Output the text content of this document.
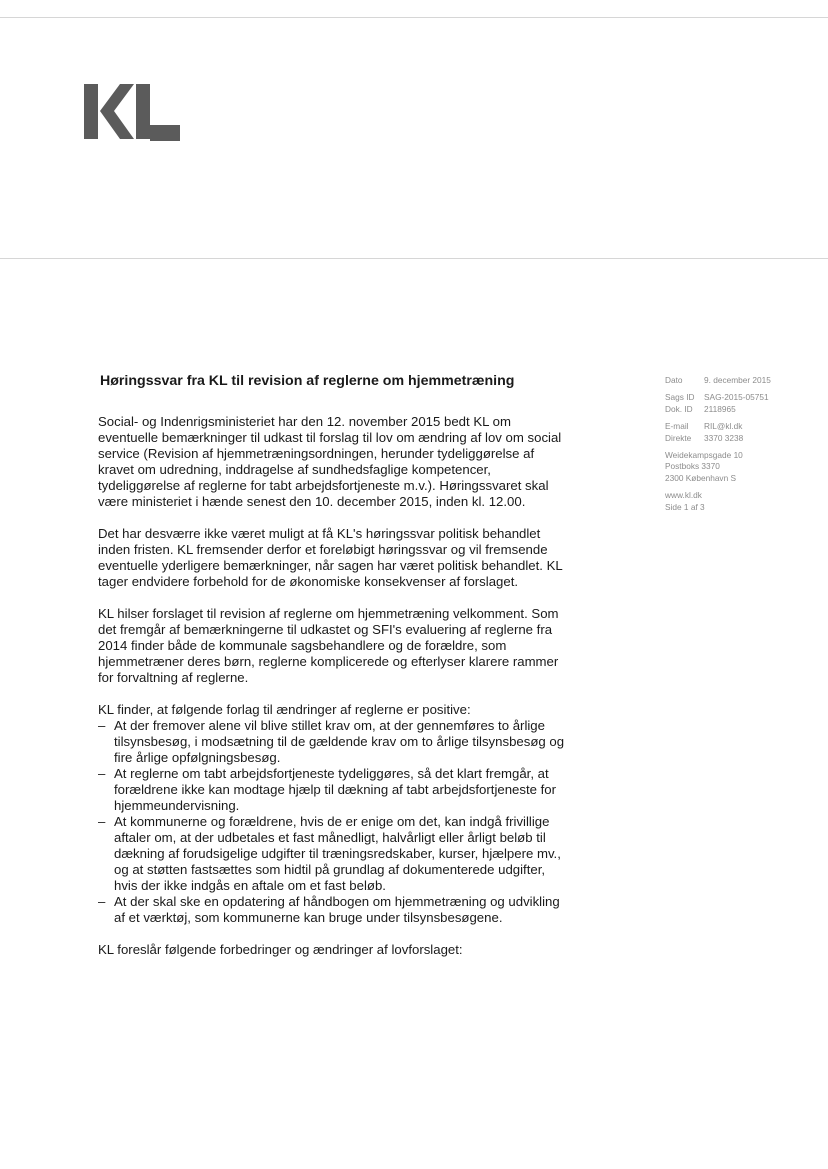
Høringssvar fra KL til revision af reglerne om hjemmetræning

Social- og Indenrigsministeriet har den 12. november 2015 bedt KL om eventuelle bemærkninger til udkast til forslag til lov om ændring af lov om social service (Revision af hjemmetræningsordningen, herunder tydeliggørelse af kravet om udredning, inddragelse af sundhedsfaglige kompetencer, tydeliggørelse af reglerne for tabt arbejdsfortjeneste m.v.). Høringssvaret skal være ministeriet i hænde senest den 10. december 2015, inden kl. 12.00.

Det har desværre ikke været muligt at få KL's høringssvar politisk behandlet inden fristen. KL fremsender derfor et foreløbigt høringssvar og vil fremsende eventuelle yderligere bemærkninger, når sagen har været politisk behandlet. KL tager endvidere forbehold for de økonomiske konsekvenser af forslaget.

KL hilser forslaget til revision af reglerne om hjemmetræning velkomment. Som det fremgår af bemærkningerne til udkastet og SFI's evaluering af reglerne fra 2014 finder både de kommunale sagsbehandlere og de forældre, som hjemmetræner deres børn, reglerne komplicerede og efterlyser klarere rammer for forvaltning af reglerne.

KL finder, at følgende forlag til ændringer af reglerne er positive:

– At der fremover alene vil blive stillet krav om, at der gennemføres to årlige tilsynsbesøg, i modsætning til de gældende krav om to årlige tilsynsbesøg og fire årlige opfølgningsbesøg.
– At reglerne om tabt arbejdsfortjeneste tydeliggøres, så det klart fremgår, at forældrene ikke kan modtage hjælp til dækning af tabt arbejdsfortjeneste for hjemmeundervisning.
– At kommunerne og forældrene, hvis de er enige om det, kan indgå frivillige aftaler om, at der udbetales et fast månedligt, halvårligt eller årligt beløb til dækning af forudsigelige udgifter til træningsredskaber, kurser, hjælpere mv., og at støtten fastsættes som hidtil på grundlag af dokumenterede udgifter, hvis der ikke indgås en aftale om et fast beløb.
– At der skal ske en opdatering af håndbogen om hjemmetræning og udvikling af et værktøj, som kommunerne kan bruge under tilsynsbesøgene.

KL foreslår følgende forbedringer og ændringer af lovforslaget:

Dato	9. december 2015
Sags ID	SAG-2015-05751
Dok. ID	2118965
E-mail	RIL@kl.dk
Direkte	3370 3238
Weidekampsgade 10
Postboks 3370
2300 København S
www.kl.dk
Side 1 af 3
